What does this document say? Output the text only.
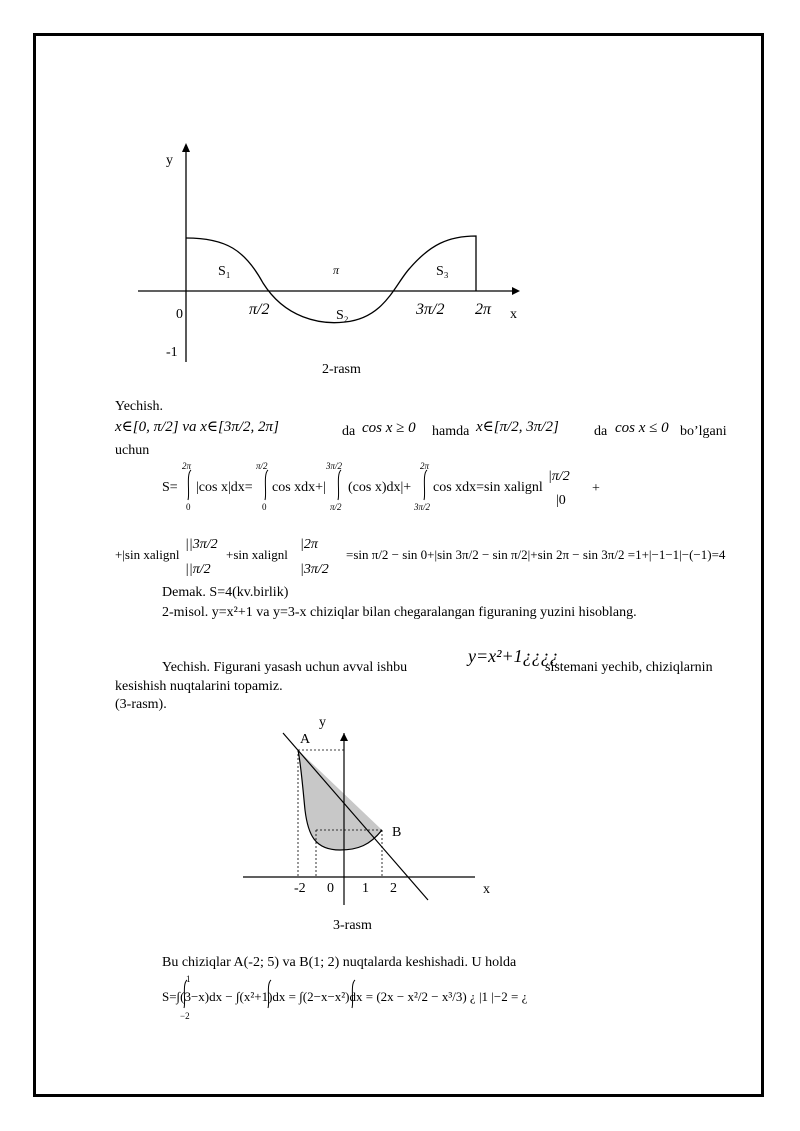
y
0
-1
S₁	π	S₃
π/2	S₂	3π/2 2π x
2-rasm
Yechish.
x∈[0, π/2] va x∈[3π/2, 2π]	da cos x ≥ 0 hamda x∈[π/2, 3π/2]	da cos x ≤ 0 bo’lgani
uchun
S=
2π
0
|cos x|dx=
π/2
0
cos xdx+|
3π/2
π/2
(cos x)dx|+
2π
3π/2
cos xdx=sin xalignl
|π/2
|0
+
+|sin xalignl
||3π/2
||π/2
+sin xalignl
|2π
|3π/2
=sin π/2 − sin 0+|sin 3π/2 − sin π/2|+sin 2π − sin 3π/2 =1+|−1−1|−(−1)=4
Demak. S=4(kv.birlik)
2-misol. y=x²+1 va y=3-x chiziqlar bilan chegaralangan figuraning yuzini hisoblang.
Yechish. Figurani yasash uchun avval ishbu
y=x²+1¿¿¿¿
sistemani yechib, chiziqlarnin
kesishish nuqtalarini topamiz.
(3-rasm).
y
A
B
-2 0 1 2	x
3-rasm
Bu chiziqlar A(-2; 5) va B(1; 2) nuqtalarda keshishadi. U holda
S=∫(3−x)dx − ∫(x²+1)dx = ∫(2−x−x²)dx = (2x − x²/2 − x³/3) ¿ |1 |−2 = ¿
1
−2
